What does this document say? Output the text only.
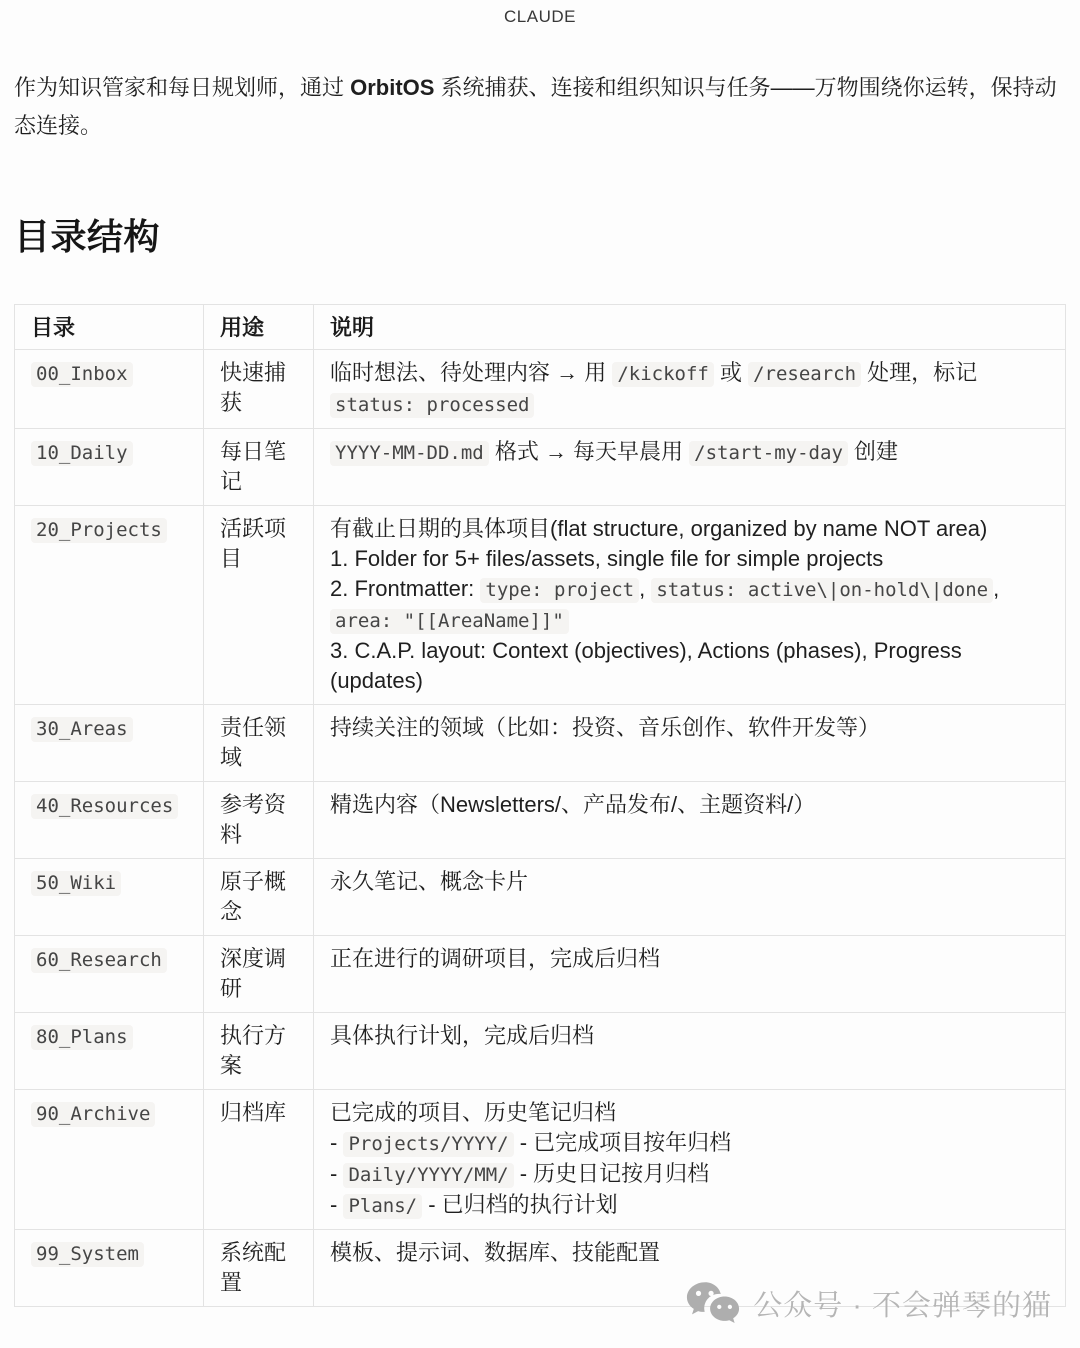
CLAUDE

作为知识管家和每日规划师，通过 OrbitOS 系统捕获、连接和组织知识与任务——万物围绕你运转，保持动态连接。

目录结构
目录	用途	说明
00_Inbox	快速捕获	临时想法、待处理内容 → 用 /kickoff 或 /research 处理，标记 status: processed
10_Daily	每日笔记	YYYY-MM-DD.md 格式 → 每天早晨用 /start-my-day 创建
20_Projects	活跃项目	有截止日期的具体项目(flat structure, organized by name NOT area)
1. Folder for 5+ files/assets, single file for simple projects
2. Frontmatter: type: project , status: active\|on-hold\|done , area: "[[AreaName]]"
3. C.A.P. layout: Context (objectives), Actions (phases), Progress (updates)
30_Areas	责任领域	持续关注的领域（比如：投资、音乐创作、软件开发等）
40_Resources	参考资料	精选内容（Newsletters/、产品发布/、主题资料/）
50_Wiki	原子概念	永久笔记、概念卡片
60_Research	深度调研	正在进行的调研项目，完成后归档
80_Plans	执行方案	具体执行计划，完成后归档
90_Archive	归档库	已完成的项目、历史笔记归档
- Projects/YYYY/ - 已完成项目按年归档
- Daily/YYYY/MM/ - 历史日记按月归档
- Plans/ - 已归档的执行计划
99_System	系统配置	模板、提示词、数据库、技能配置
公众号 · 不会弹琴的猫
